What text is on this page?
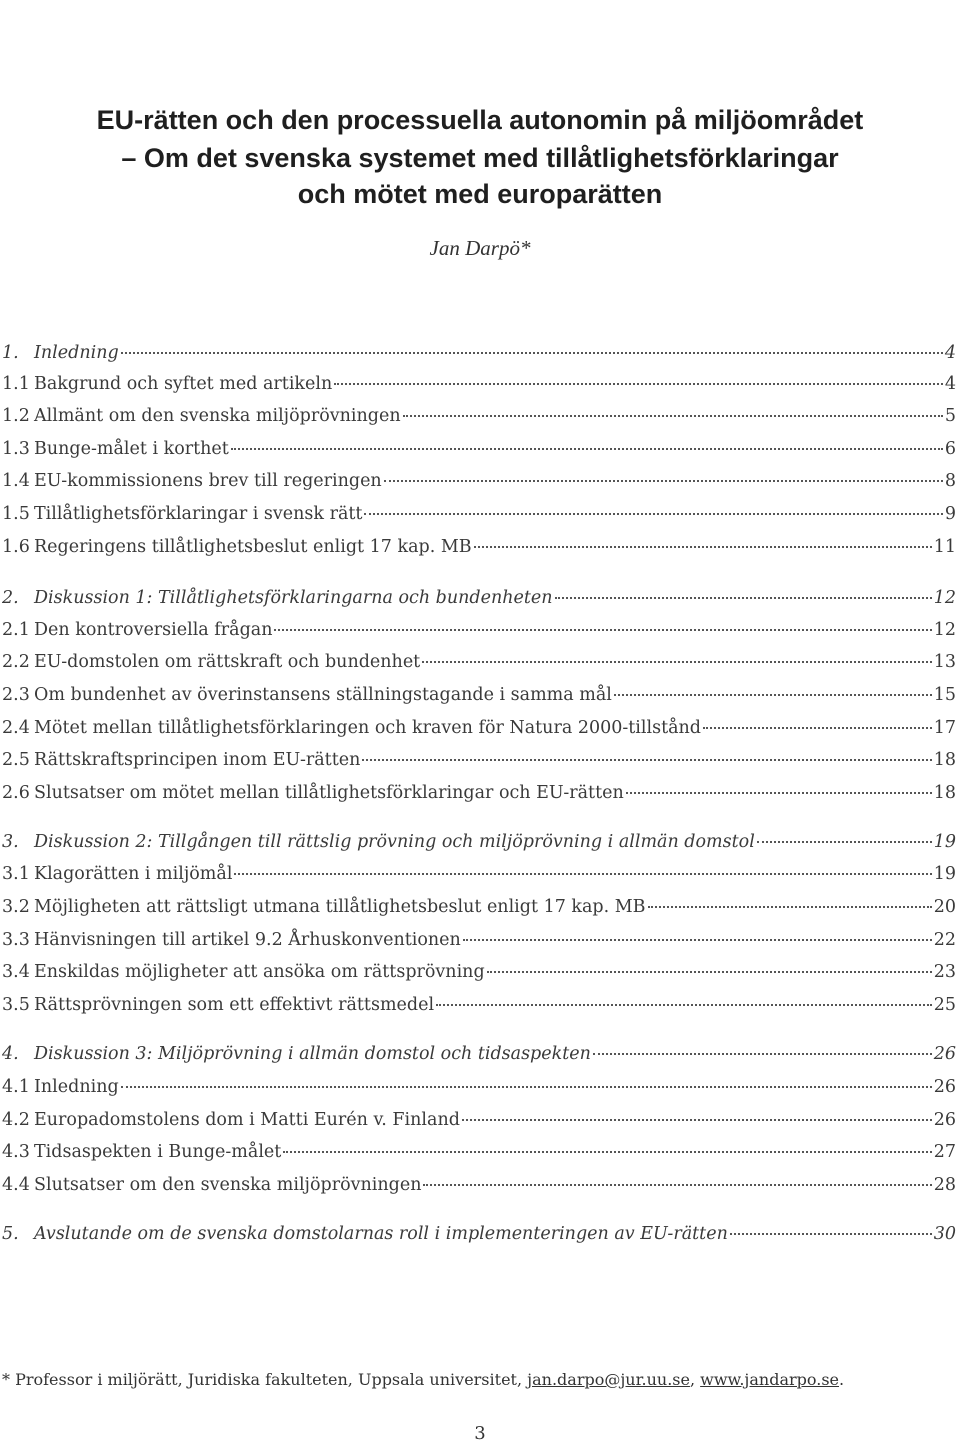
EU-rätten och den processuella autonomin på miljöområdet
– Om det svenska systemet med tillåtlighetsförklaringar
och mötet med europarätten
Jan Darpö*
1. Inledning	4
1.1 Bakgrund och syftet med artikeln	4
1.2 Allmänt om den svenska miljöprövningen	5
1.3 Bunge-målet i korthet	6
1.4 EU-kommissionens brev till regeringen	8
1.5 Tillåtlighetsförklaringar i svensk rätt	9
1.6 Regeringens tillåtlighetsbeslut enligt 17 kap. MB	11
2. Diskussion 1: Tillåtlighetsförklaringarna och bundenheten	12
2.1 Den kontroversiella frågan	12
2.2 EU-domstolen om rättskraft och bundenhet	13
2.3 Om bundenhet av överinstansens ställningstagande i samma mål	15
2.4 Mötet mellan tillåtlighetsförklaringen och kraven för Natura 2000-tillstånd	17
2.5 Rättskraftsprincipen inom EU-rätten	18
2.6 Slutsatser om mötet mellan tillåtlighetsförklaringar och EU-rätten	18
3. Diskussion 2: Tillgången till rättslig prövning och miljöprövning i allmän domstol	19
3.1 Klagorätten i miljömål	19
3.2 Möjligheten att rättsligt utmana tillåtlighetsbeslut enligt 17 kap. MB	20
3.3 Hänvisningen till artikel 9.2 Århuskonventionen	22
3.4 Enskildas möjligheter att ansöka om rättsprövning	23
3.5 Rättsprövningen som ett effektivt rättsmedel	25
4. Diskussion 3: Miljöprövning i allmän domstol och tidsaspekten	26
4.1 Inledning	26
4.2 Europadomstolens dom i Matti Eurén v. Finland	26
4.3 Tidsaspekten i Bunge-målet	27
4.4 Slutsatser om den svenska miljöprövningen	28
5. Avslutande om de svenska domstolarnas roll i implementeringen av EU-rätten	30
* Professor i miljörätt, Juridiska fakulteten, Uppsala universitet, jan.darpo@jur.uu.se, www.jandarpo.se.
3
